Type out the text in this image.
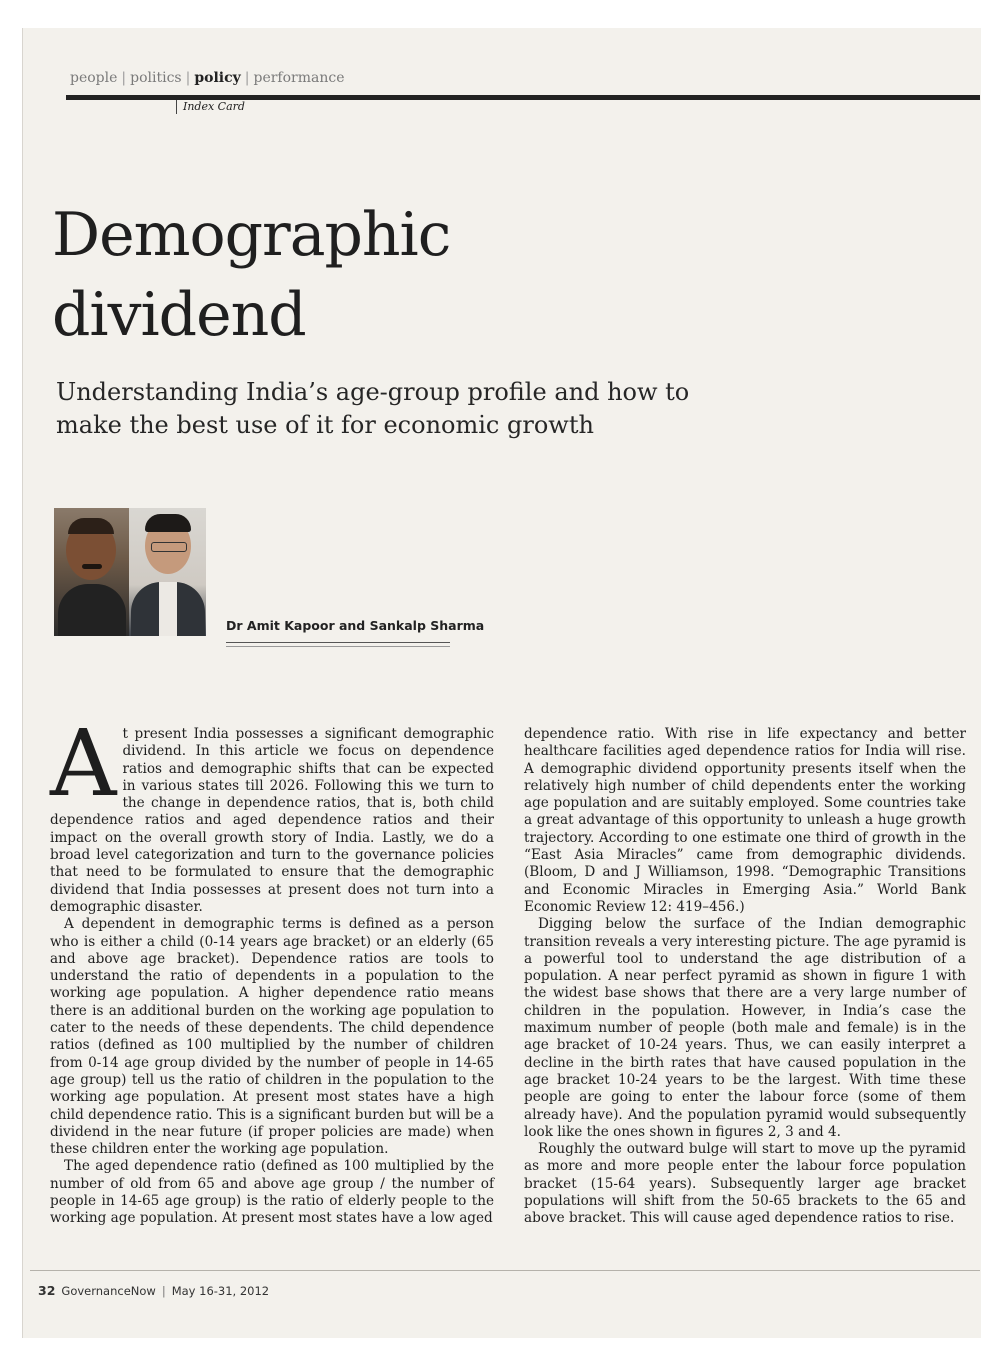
people | politics | policy | performance
Index Card
Demographic
dividend
Understanding India’s age-group profile and how to make the best use of it for economic growth
Dr Amit Kapoor and Sankalp Sharma

At present India possesses a significant demographic dividend. In this article we focus on dependence ratios and demographic shifts that can be expected in various states till 2026. Following this we turn to the change in dependence ratios, that is, both child dependence ratios and aged dependence ratios and their impact on the overall growth story of India. Lastly, we do a broad level categorization and turn to the governance policies that need to be formulated to ensure that the demographic dividend that India possesses at present does not turn into a demographic disaster.

A dependent in demographic terms is defined as a person who is either a child (0-14 years age bracket) or an elderly (65 and above age bracket). Dependence ratios are tools to understand the ratio of dependents in a population to the working age population. A higher dependence ratio means there is an additional burden on the working age population to cater to the needs of these dependents. The child dependence ratios (defined as 100 multiplied by the number of children from 0-14 age group divided by the number of people in 14-65 age group) tell us the ratio of children in the population to the working age population. At present most states have a high child dependence ratio. This is a significant burden but will be a dividend in the near future (if proper policies are made) when these children enter the working age population.

The aged dependence ratio (defined as 100 multiplied by the number of old from 65 and above age group / the number of people in 14-65 age group) is the ratio of elderly people to the working age population. At present most states have a low aged

dependence ratio. With rise in life expectancy and better healthcare facilities aged dependence ratios for India will rise. A demographic dividend opportunity presents itself when the relatively high number of child dependents enter the working age population and are suitably employed. Some countries take a great advantage of this opportunity to unleash a huge growth trajectory. According to one estimate one third of growth in the “East Asia Miracles” came from demographic dividends. (Bloom, D and J Williamson, 1998. “Demographic Transitions and Economic Miracles in Emerging Asia.” World Bank Economic Review 12: 419–456.)

Digging below the surface of the Indian demographic transition reveals a very interesting picture. The age pyramid is a powerful tool to understand the age distribution of a population. A near perfect pyramid as shown in figure 1 with the widest base shows that there are a very large number of children in the population. However, in India’s case the maximum number of people (both male and female) is in the age bracket of 10-24 years. Thus, we can easily interpret a decline in the birth rates that have caused population in the age bracket 10-24 years to be the largest. With time these people are going to enter the labour force (some of them already have). And the population pyramid would subsequently look like the ones shown in figures 2, 3 and 4.

Roughly the outward bulge will start to move up the pyramid as more and more people enter the labour force population bracket (15-64 years). Subsequently larger age bracket populations will shift from the 50-65 brackets to the 65 and above bracket. This will cause aged dependence ratios to rise.

32 GovernanceNow | May 16-31, 2012
